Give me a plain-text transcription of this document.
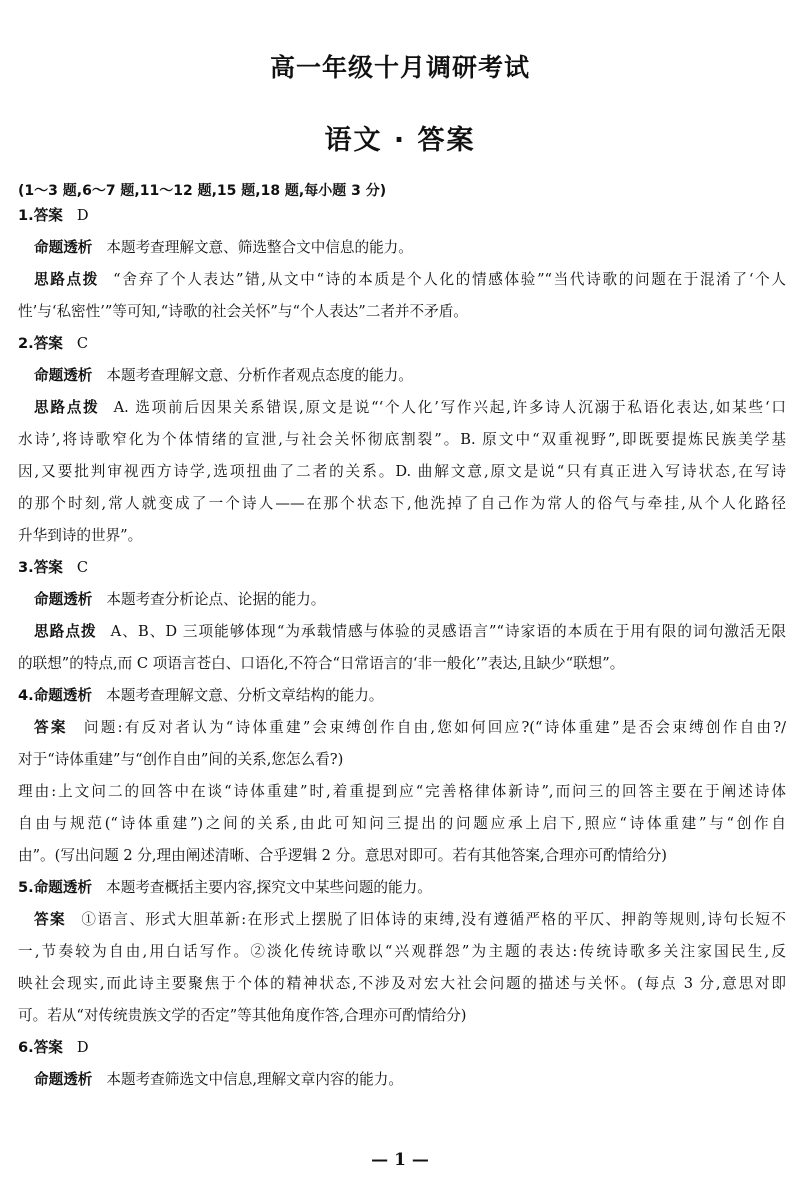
高一年级十月调研考试
语文 · 答案
(1～3 题,6～7 题,11～12 题,15 题,18 题,每小题 3 分)
1.答案 D
命题透析 本题考查理解文意、筛选整合文中信息的能力。
思路点拨 “舍弃了个人表达”错,从文中“诗的本质是个人化的情感体验”“当代诗歌的问题在于混淆了‘个人
性’与‘私密性’”等可知,“诗歌的社会关怀”与“个人表达”二者并不矛盾。
2.答案 C
命题透析 本题考查理解文意、分析作者观点态度的能力。
思路点拨 A. 选项前后因果关系错误,原文是说“‘个人化’写作兴起,许多诗人沉溺于私语化表达,如某些‘口
水诗’,将诗歌窄化为个体情绪的宣泄,与社会关怀彻底割裂”。B. 原文中“双重视野”,即既要提炼民族美学基
因,又要批判审视西方诗学,选项扭曲了二者的关系。D. 曲解文意,原文是说“只有真正进入写诗状态,在写诗
的那个时刻,常人就变成了一个诗人——在那个状态下,他洗掉了自己作为常人的俗气与牵挂,从个人化路径
升华到诗的世界”。
3.答案 C
命题透析 本题考查分析论点、论据的能力。
思路点拨 A、B、D 三项能够体现“为承载情感与体验的灵感语言”“诗家语的本质在于用有限的词句激活无限
的联想”的特点,而 C 项语言苍白、口语化,不符合“日常语言的‘非一般化’”表达,且缺少“联想”。
4.命题透析 本题考查理解文意、分析文章结构的能力。
答案 问题:有反对者认为“诗体重建”会束缚创作自由,您如何回应?(“诗体重建”是否会束缚创作自由?/
对于“诗体重建”与“创作自由”间的关系,您怎么看?)
理由:上文问二的回答中在谈“诗体重建”时,着重提到应“完善格律体新诗”,而问三的回答主要在于阐述诗体
自由与规范(“诗体重建”)之间的关系,由此可知问三提出的问题应承上启下,照应“诗体重建”与“创作自
由”。(写出问题 2 分,理由阐述清晰、合乎逻辑 2 分。意思对即可。若有其他答案,合理亦可酌情给分)
5.命题透析 本题考查概括主要内容,探究文中某些问题的能力。
答案 ①语言、形式大胆革新:在形式上摆脱了旧体诗的束缚,没有遵循严格的平仄、押韵等规则,诗句长短不
一,节奏较为自由,用白话写作。②淡化传统诗歌以“兴观群怨”为主题的表达:传统诗歌多关注家国民生,反
映社会现实,而此诗主要聚焦于个体的精神状态,不涉及对宏大社会问题的描述与关怀。(每点 3 分,意思对即
可。若从“对传统贵族文学的否定”等其他角度作答,合理亦可酌情给分)
6.答案 D
命题透析 本题考查筛选文中信息,理解文章内容的能力。
— 1 —
